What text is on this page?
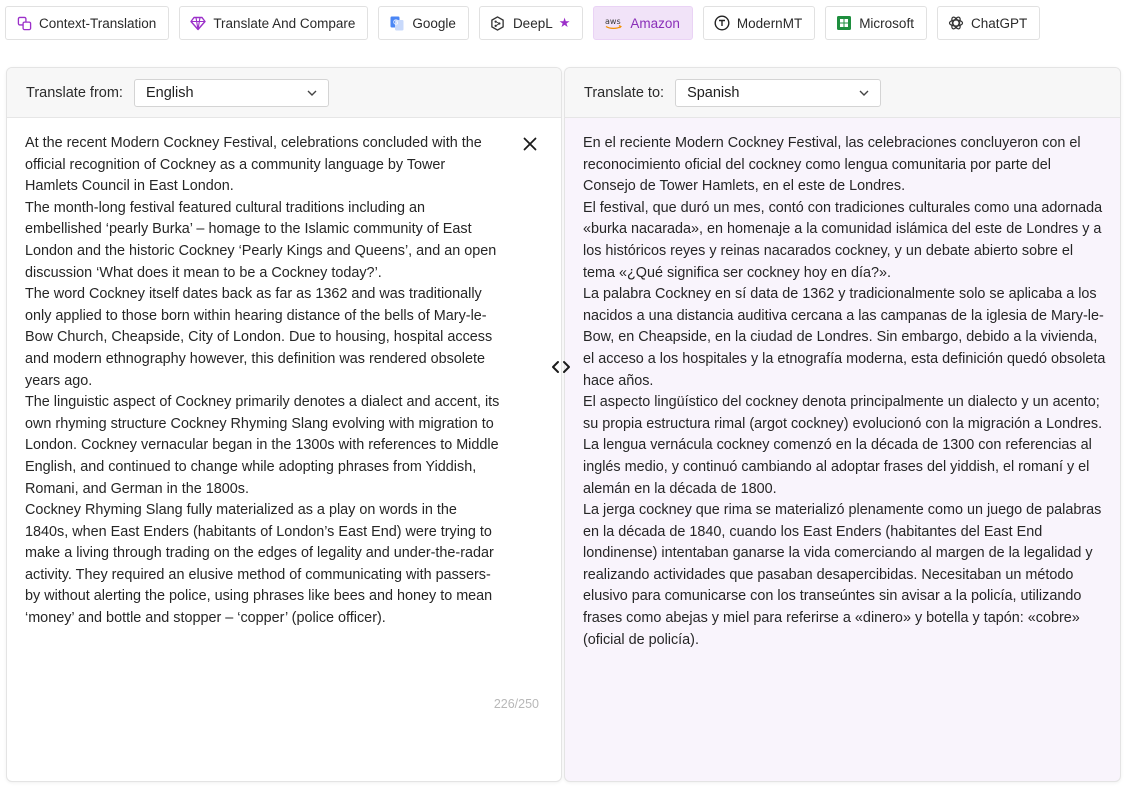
Context-Translation	Translate And Compare	G Google	DeepL ★	aws Amazon	ModernMT	Microsoft	ChatGPT
Translate from: English
At the recent Modern Cockney Festival, celebrations concluded with the official recognition of Cockney as a community language by Tower Hamlets Council in East London.
The month-long festival featured cultural traditions including an embellished ‘pearly Burka’ – homage to the Islamic community of East London and the historic Cockney ‘Pearly Kings and Queens’, and an open discussion ‘What does it mean to be a Cockney today?’.
The word Cockney itself dates back as far as 1362 and was traditionally only applied to those born within hearing distance of the bells of Mary-le-Bow Church, Cheapside, City of London. Due to housing, hospital access and modern ethnography however, this definition was rendered obsolete years ago.
The linguistic aspect of Cockney primarily denotes a dialect and accent, its own rhyming structure Cockney Rhyming Slang evolving with migration to London. Cockney vernacular began in the 1300s with references to Middle English, and continued to change while adopting phrases from Yiddish, Romani, and German in the 1800s.
Cockney Rhyming Slang fully materialized as a play on words in the 1840s, when East Enders (habitants of London’s East End) were trying to make a living through trading on the edges of legality and under-the-radar activity. They required an elusive method of communicating with passers-by without alerting the police, using phrases like bees and honey to mean ‘money’ and bottle and stopper – ‘copper’ (police officer).
226/250
Translate to: Spanish
En el reciente Modern Cockney Festival, las celebraciones concluyeron con el reconocimiento oficial del cockney como lengua comunitaria por parte del Consejo de Tower Hamlets, en el este de Londres.
El festival, que duró un mes, contó con tradiciones culturales como una adornada «burka nacarada», en homenaje a la comunidad islámica del este de Londres y a los históricos reyes y reinas nacarados cockney, y un debate abierto sobre el tema «¿Qué significa ser cockney hoy en día?».
La palabra Cockney en sí data de 1362 y tradicionalmente solo se aplicaba a los nacidos a una distancia auditiva cercana a las campanas de la iglesia de Mary-le-Bow, en Cheapside, en la ciudad de Londres. Sin embargo, debido a la vivienda, el acceso a los hospitales y la etnografía moderna, esta definición quedó obsoleta hace años.
El aspecto lingüístico del cockney denota principalmente un dialecto y un acento; su propia estructura rimal (argot cockney) evolucionó con la migración a Londres. La lengua vernácula cockney comenzó en la década de 1300 con referencias al inglés medio, y continuó cambiando al adoptar frases del yiddish, el romaní y el alemán en la década de 1800.
La jerga cockney que rima se materializó plenamente como un juego de palabras en la década de 1840, cuando los East Enders (habitantes del East End londinense) intentaban ganarse la vida comerciando al margen de la legalidad y realizando actividades que pasaban desapercibidas. Necesitaban un método elusivo para comunicarse con los transeúntes sin avisar a la policía, utilizando frases como abejas y miel para referirse a «dinero» y botella y tapón: «cobre» (oficial de policía).
